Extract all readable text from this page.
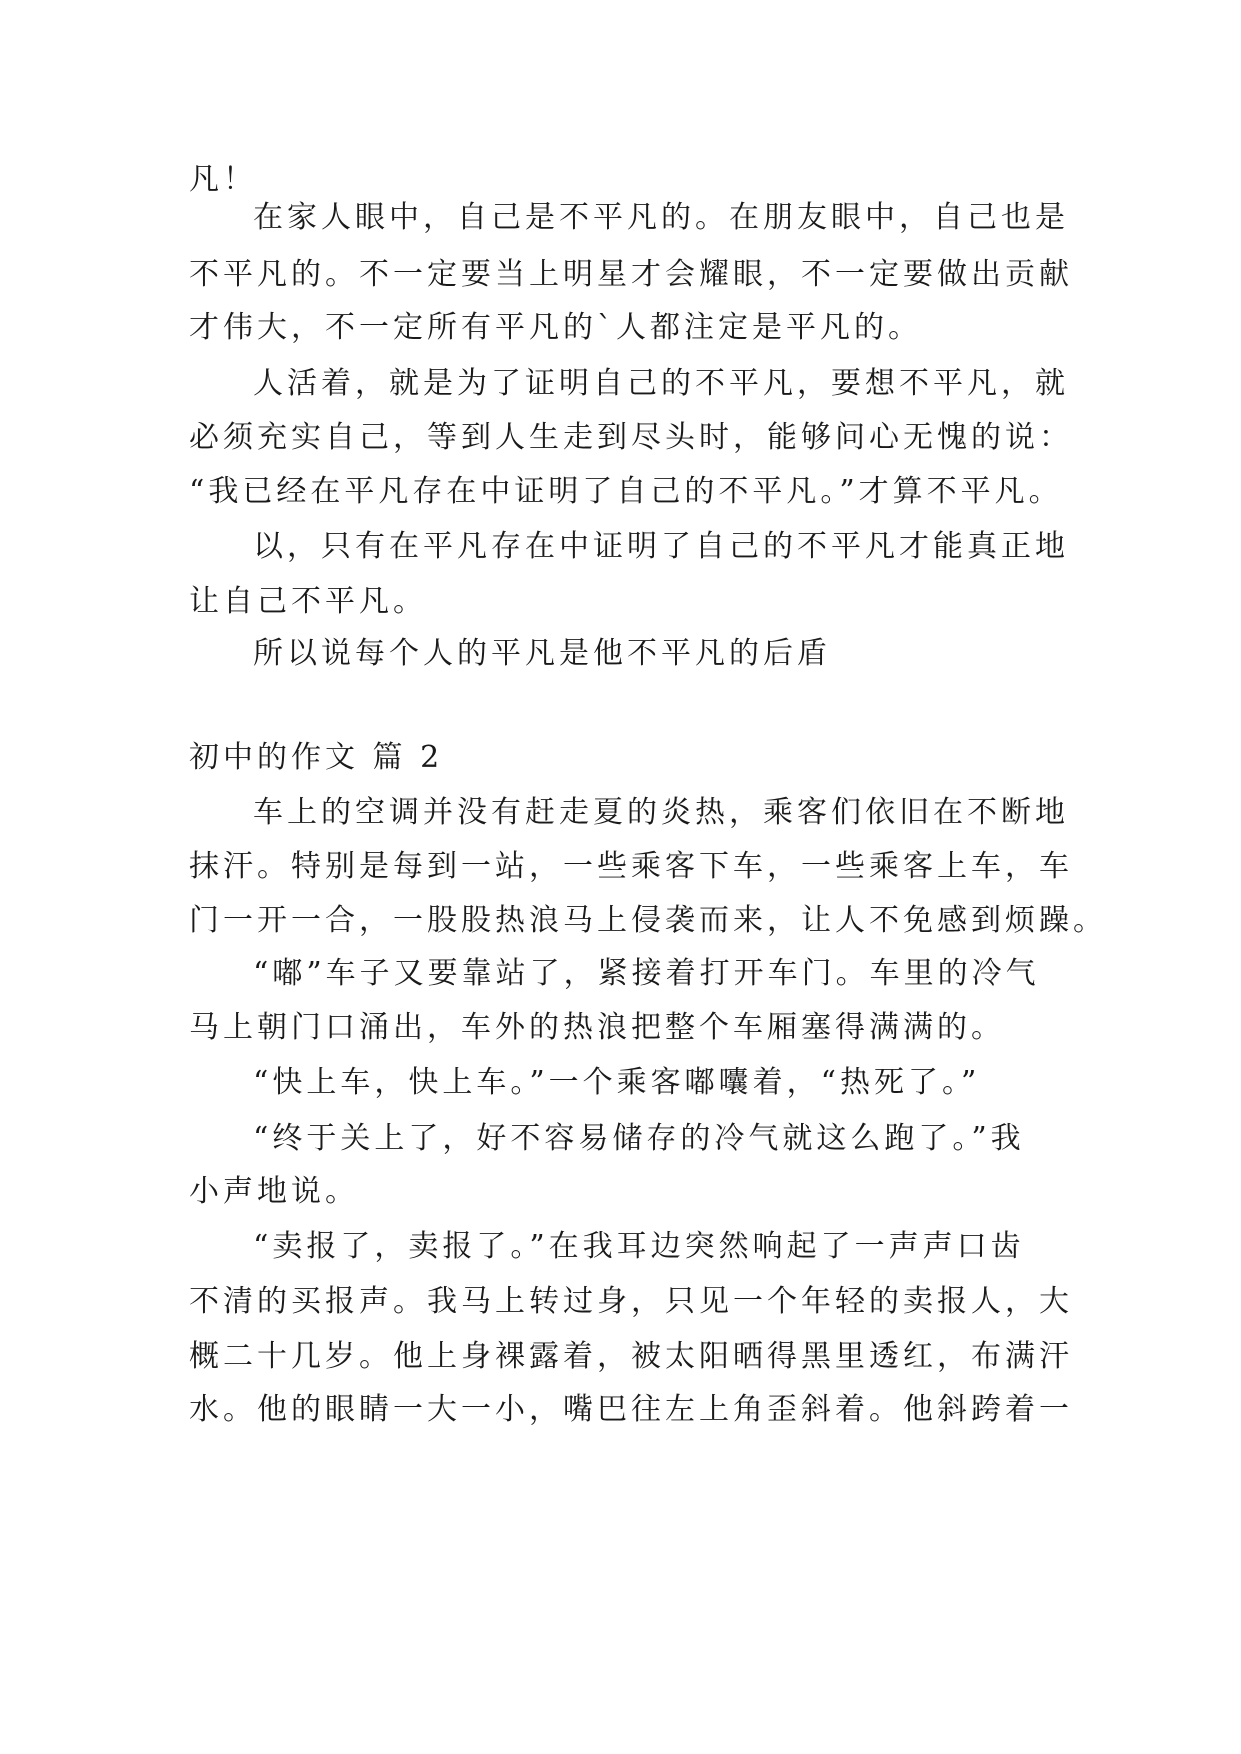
凡！
在家人眼中，自己是不平凡的。在朋友眼中，自己也是
不平凡的。不一定要当上明星才会耀眼，不一定要做出贡献
才伟大，不一定所有平凡的`人都注定是平凡的。
人活着，就是为了证明自己的不平凡，要想不平凡，就
必须充实自己，等到人生走到尽头时，能够问心无愧的说：
“我已经在平凡存在中证明了自己的不平凡。”才算不平凡。
以，只有在平凡存在中证明了自己的不平凡才能真正地
让自己不平凡。
所以说每个人的平凡是他不平凡的后盾
初中的作文 篇 2
车上的空调并没有赶走夏的炎热，乘客们依旧在不断地
抹汗。特别是每到一站，一些乘客下车，一些乘客上车，车
门一开一合，一股股热浪马上侵袭而来，让人不免感到烦躁。
“嘟”车子又要靠站了，紧接着打开车门。车里的冷气
马上朝门口涌出，车外的热浪把整个车厢塞得满满的。
“快上车，快上车。”一个乘客嘟囔着，“热死了。”
“终于关上了，好不容易储存的冷气就这么跑了。”我
小声地说。
“卖报了，卖报了。”在我耳边突然响起了一声声口齿
不清的买报声。我马上转过身，只见一个年轻的卖报人，大
概二十几岁。他上身裸露着，被太阳晒得黑里透红，布满汗
水。他的眼睛一大一小，嘴巴往左上角歪斜着。他斜跨着一
